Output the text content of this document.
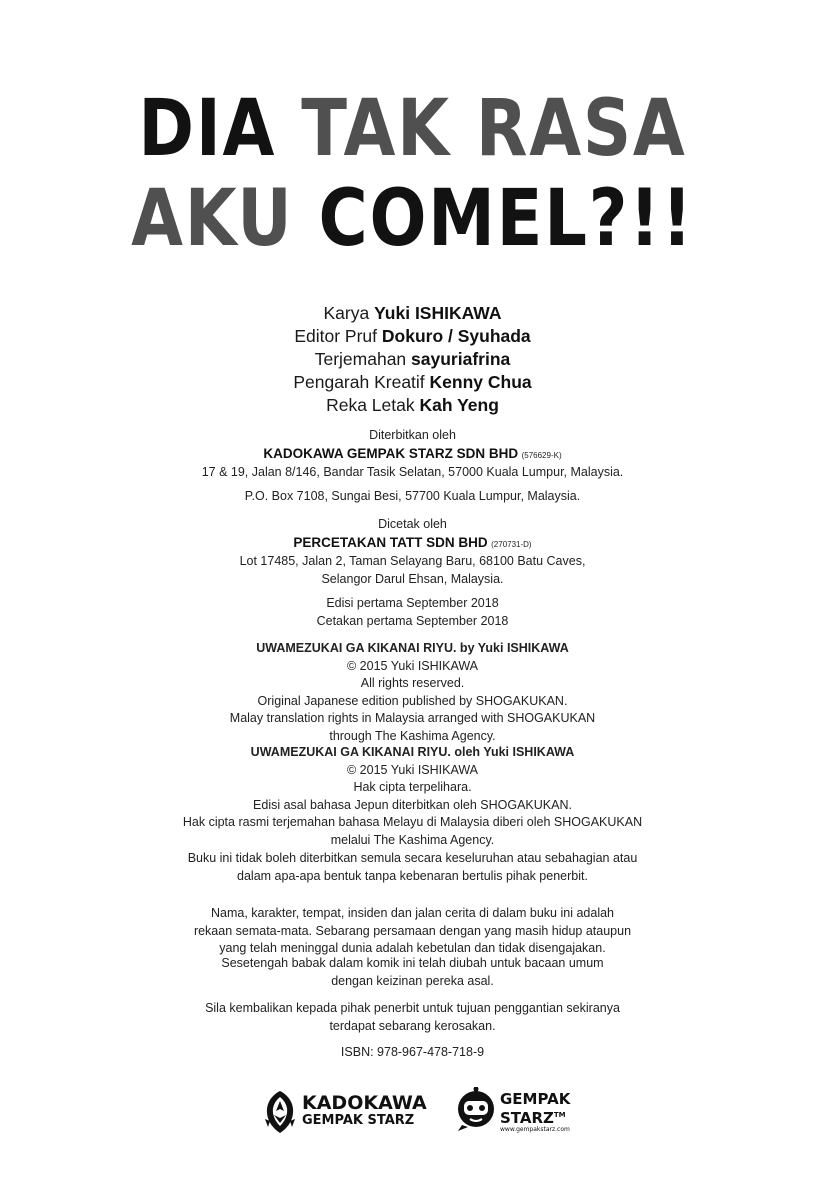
DIA TAK RASA
AKU COMEL?!!
Karya Yuki ISHIKAWA
Editor Pruf Dokuro / Syuhada
Terjemahan sayuriafrina
Pengarah Kreatif Kenny Chua
Reka Letak Kah Yeng
Diterbitkan oleh
KADOKAWA GEMPAK STARZ SDN BHD (576629-K)
17 & 19, Jalan 8/146, Bandar Tasik Selatan, 57000 Kuala Lumpur, Malaysia.
P.O. Box 7108, Sungai Besi, 57700 Kuala Lumpur, Malaysia.
Dicetak oleh
PERCETAKAN TATT SDN BHD (270731-D)
Lot 17485, Jalan 2, Taman Selayang Baru, 68100 Batu Caves,
Selangor Darul Ehsan, Malaysia.
Edisi pertama September 2018
Cetakan pertama September 2018
UWAMEZUKAI GA KIKANAI RIYU. by Yuki ISHIKAWA
© 2015 Yuki ISHIKAWA
All rights reserved.
Original Japanese edition published by SHOGAKUKAN.
Malay translation rights in Malaysia arranged with SHOGAKUKAN
through The Kashima Agency.
UWAMEZUKAI GA KIKANAI RIYU. oleh Yuki ISHIKAWA
© 2015 Yuki ISHIKAWA
Hak cipta terpelihara.
Edisi asal bahasa Jepun diterbitkan oleh SHOGAKUKAN.
Hak cipta rasmi terjemahan bahasa Melayu di Malaysia diberi oleh SHOGAKUKAN
melalui The Kashima Agency.
Buku ini tidak boleh diterbitkan semula secara keseluruhan atau sebahagian atau
dalam apa-apa bentuk tanpa kebenaran bertulis pihak penerbit.
Nama, karakter, tempat, insiden dan jalan cerita di dalam buku ini adalah
rekaan semata-mata. Sebarang persamaan dengan yang masih hidup ataupun
yang telah meninggal dunia adalah kebetulan dan tidak disengajakan.
Sesetengah babak dalam komik ini telah diubah untuk bacaan umum
dengan keizinan pereka asal.
Sila kembalikan kepada pihak penerbit untuk tujuan penggantian sekiranya
terdapat sebarang kerosakan.
ISBN: 978-967-478-718-9
KADOKAWA
GEMPAK STARZ
GEMPAK
STARZ™
www.gempakstarz.com
